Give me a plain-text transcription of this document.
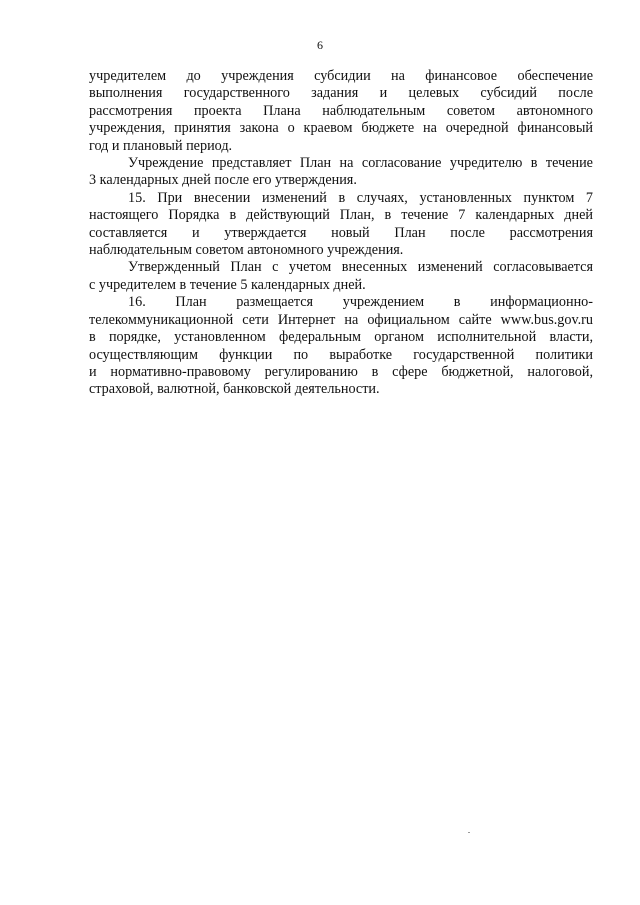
6
учредителем до учреждения субсидии на финансовое обеспечение
выполнения государственного задания и целевых субсидий после
рассмотрения проекта Плана наблюдательным советом автономного
учреждения, принятия закона о краевом бюджете на очередной финансовый
год и плановый период.
Учреждение представляет План на согласование учредителю в течение
3 календарных дней после его утверждения.
15. При внесении изменений в случаях, установленных пунктом 7
настоящего Порядка в действующий План, в течение 7 календарных дней
составляется и утверждается новый План после рассмотрения
наблюдательным советом автономного учреждения.
Утвержденный План с учетом внесенных изменений согласовывается
с учредителем в течение 5 календарных дней.
16. План размещается учреждением в информационно-
телекоммуникационной сети Интернет на официальном сайте www.bus.gov.ru
в порядке, установленном федеральным органом исполнительной власти,
осуществляющим функции по выработке государственной политики
и нормативно-правовому регулированию в сфере бюджетной, налоговой,
страховой, валютной, банковской деятельности.
